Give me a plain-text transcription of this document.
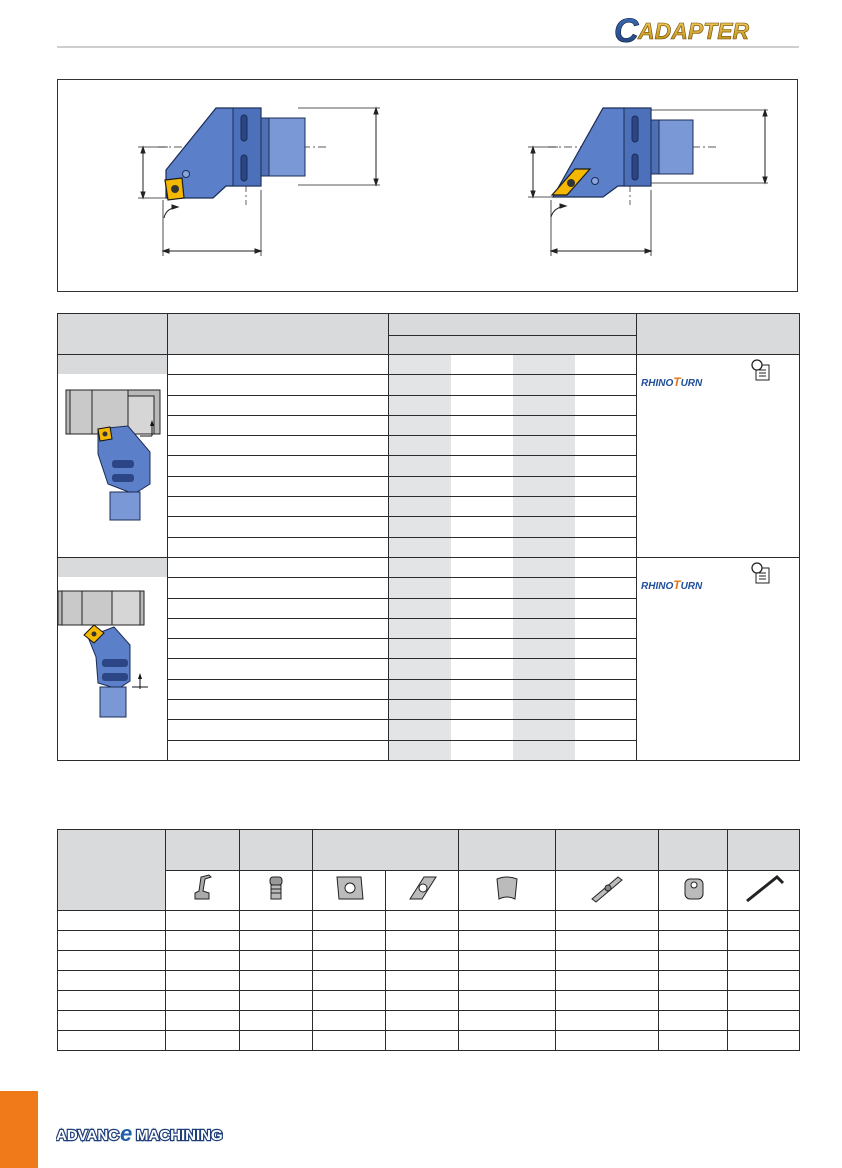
C ADAPTER

RHINOTURN

RHINOTURN

ADVANC e MACHINING
